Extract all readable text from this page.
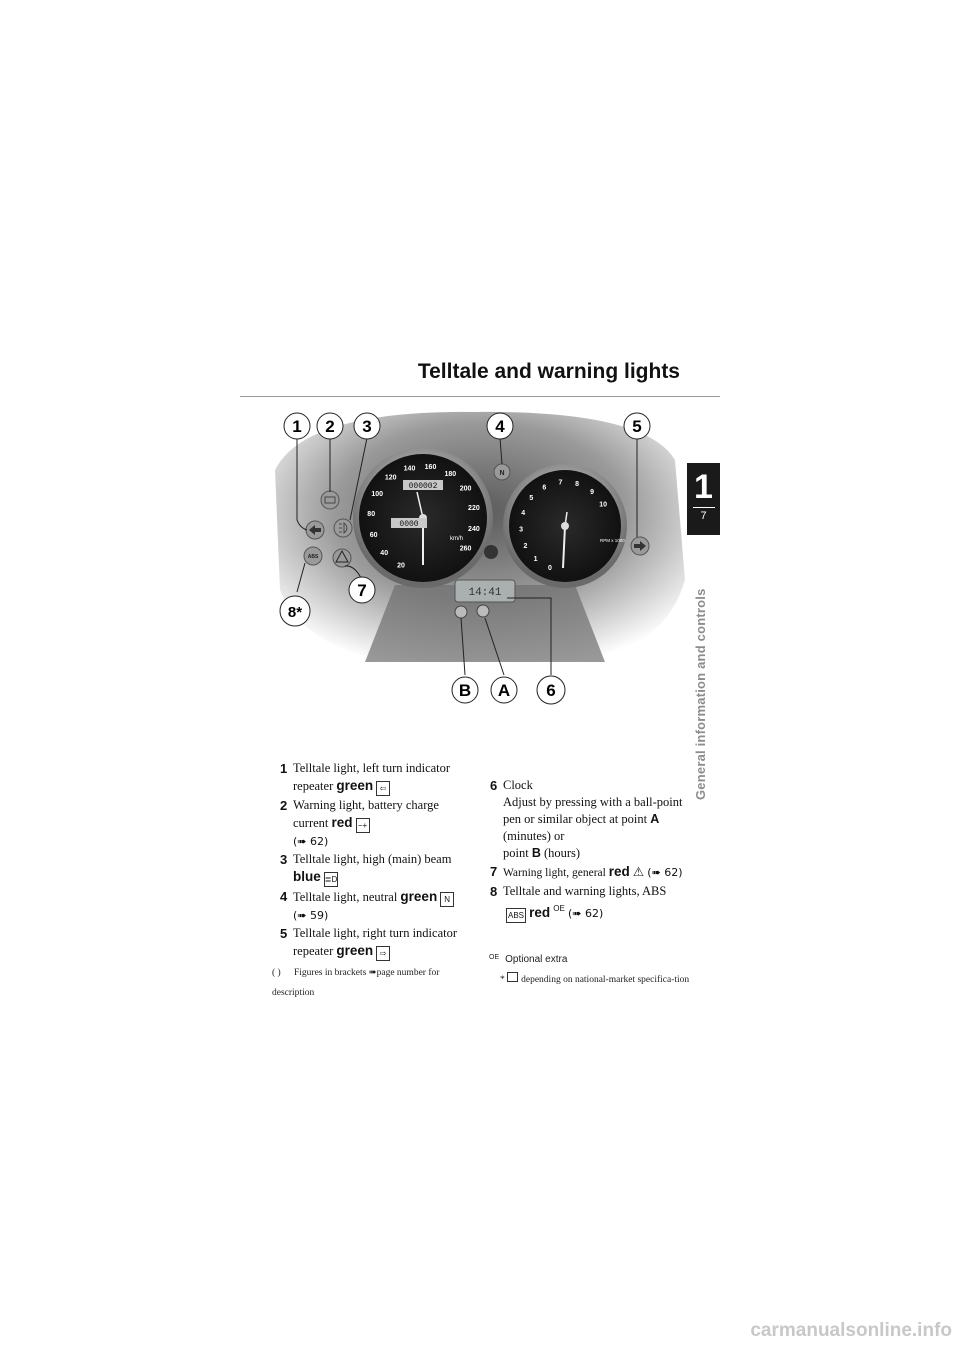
Telltale and warning lights
1
7
General information and controls
0000
000002
20
40
60
80
100
120
140 160
180
200
220
240
260
km/h
0
1
2
3
4
5
6
7 8
9
10
RPM x 1000
ABS
N
14:41
1 2 3	4	5
6
7
8*
A
B
1 Telltale light, left turn indicator repeater green ⇦
2 Warning light, battery charge current red −+
(➠ 62)
3 Telltale light, high (main) beam blue ≣D
4 Telltale light, neutral green N
(➠ 59)
5 Telltale light, right turn indicator repeater green ⇨
6 Clock
Adjust by pressing with a ball-point pen or similar object at point A (minutes) or
point B (hours)
7 Warning light, general red ⚠ (➠ 62)
8 Telltale and warning lights, ABS ABS red $^{OE}$ (➠ 62)
( ) Figures in brackets ➠page number for description
$^{OE}$ Optional extra
* depending on national-market specifica-tion
carmanualsonline.info
